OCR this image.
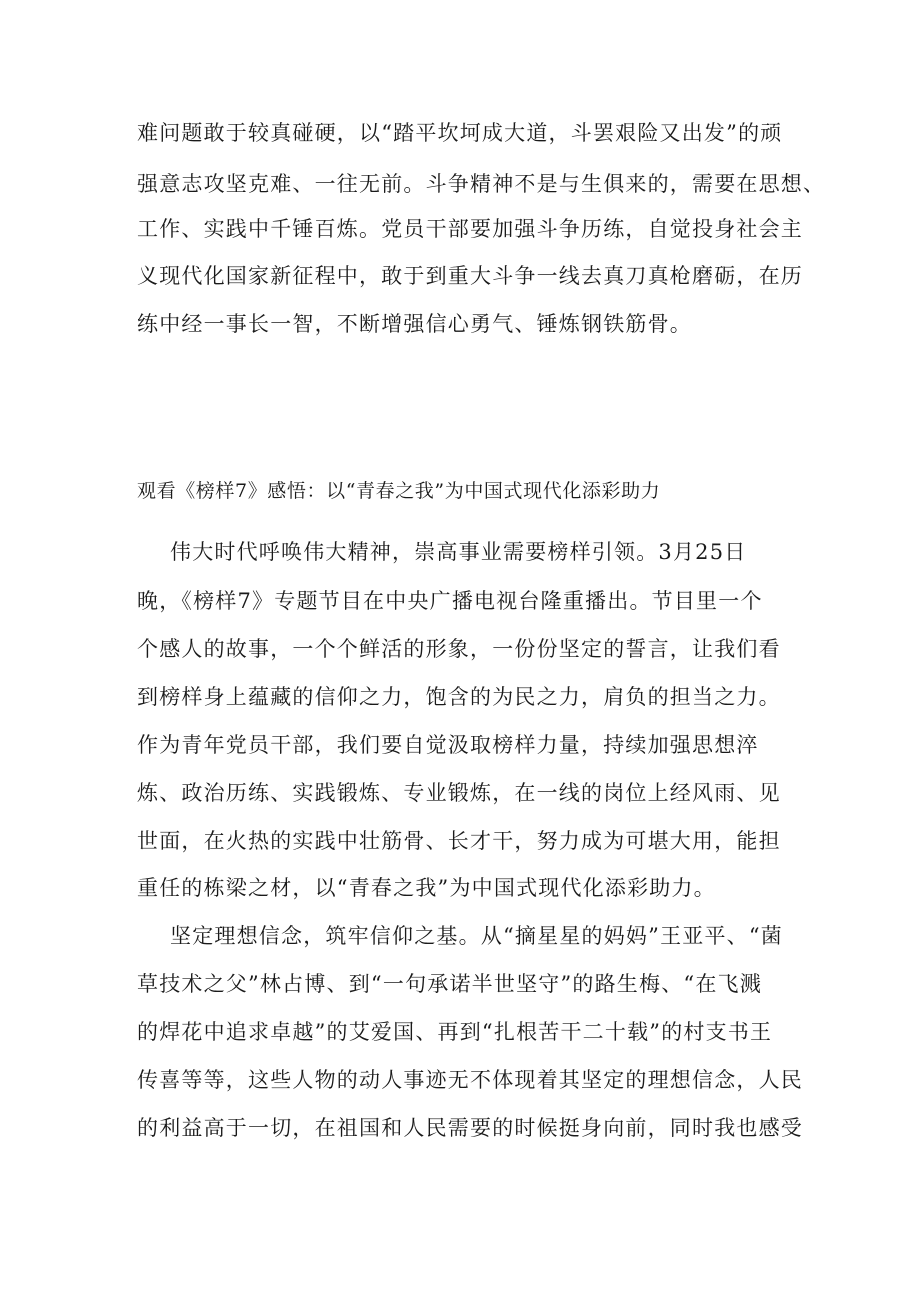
难问题敢于较真碰硬，以“踏平坎坷成大道，斗罢艰险又出发”的顽
强意志攻坚克难、一往无前。斗争精神不是与生俱来的，需要在思想、
工作、实践中千锤百炼。党员干部要加强斗争历练，自觉投身社会主
义现代化国家新征程中，敢于到重大斗争一线去真刀真枪磨砺，在历
练中经一事长一智，不断增强信心勇气、锤炼钢铁筋骨。
观看《榜样7》感悟：以“青春之我”为中国式现代化添彩助力
伟大时代呼唤伟大精神，崇高事业需要榜样引领。3月25日
晚，《榜样7》专题节目在中央广播电视台隆重播出。节目里一个
个感人的故事，一个个鲜活的形象，一份份坚定的誓言，让我们看
到榜样身上蕴藏的信仰之力，饱含的为民之力，肩负的担当之力。
作为青年党员干部，我们要自觉汲取榜样力量，持续加强思想淬
炼、政治历练、实践锻炼、专业锻炼，在一线的岗位上经风雨、见
世面，在火热的实践中壮筋骨、长才干，努力成为可堪大用，能担
重任的栋梁之材，以“青春之我”为中国式现代化添彩助力。
坚定理想信念，筑牢信仰之基。从“摘星星的妈妈”王亚平、“菌
草技术之父”林占博、到“一句承诺半世坚守”的路生梅、“在飞溅
的焊花中追求卓越”的艾爱国、再到“扎根苦干二十载”的村支书王
传喜等等，这些人物的动人事迹无不体现着其坚定的理想信念，人民
的利益高于一切，在祖国和人民需要的时候挺身向前，同时我也感受
